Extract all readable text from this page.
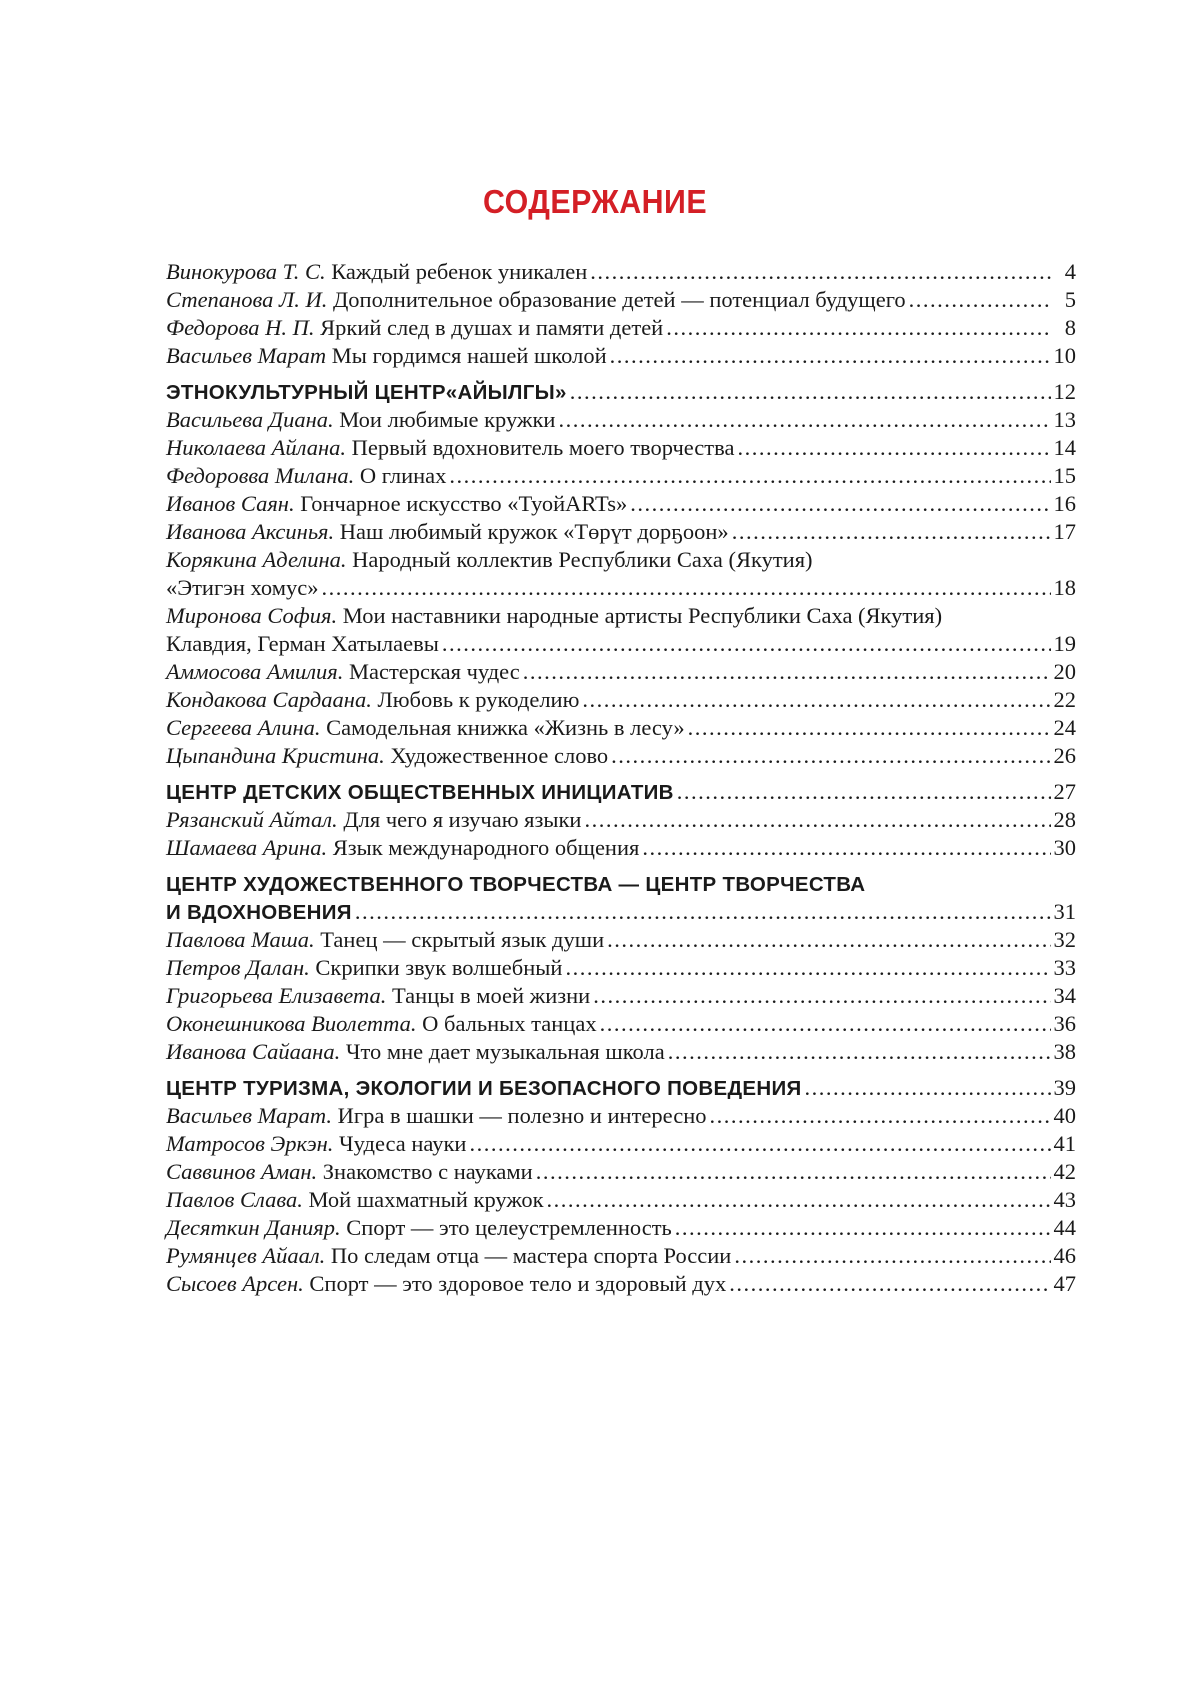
СОДЕРЖАНИЕ
Винокурова Т. С. Каждый ребенок уникален .....	4
Степанова Л. И. Дополнительное образование детей — потенциал будущего .....	5
Федорова Н. П. Яркий след в душах и памяти детей .....	8
Васильев Марат Мы гордимся нашей школой .....	10
ЭТНОКУЛЬТУРНЫЙ ЦЕНТР«АЙЫЛГЫ» .....	12
Васильева Диана. Мои любимые кружки .....	13
Николаева Айлана. Первый вдохновитель моего творчества .....	14
Федоровва Милана. О глинах .....	15
Иванов Саян. Гончарное искусство «ТуойARTs» .....	16
Иванова Аксинья. Наш любимый кружок «Төрүт дорҕоон» .....	17
Корякина Аделина. Народный коллектив Республики Саха (Якутия)
«Этигэн хомус» .....	18
Миронова София. Мои наставники народные артисты Республики Саха (Якутия)
Клавдия, Герман Хатылаевы .....	19
Аммосова Амилия. Мастерская чудес .....	20
Кондакова Сардаана. Любовь к рукоделию .....	22
Сергеева Алина. Самодельная книжка «Жизнь в лесу» .....	24
Цыпандина Кристина. Художественное слово .....	26
ЦЕНТР ДЕТСКИХ ОБЩЕСТВЕННЫХ ИНИЦИАТИВ .....	27
Рязанский Айтал. Для чего я изучаю языки .....	28
Шамаева Арина. Язык международного общения .....	30
ЦЕНТР ХУДОЖЕСТВЕННОГО ТВОРЧЕСТВА — ЦЕНТР ТВОРЧЕСТВА
И ВДОХНОВЕНИЯ .....	31
Павлова Маша. Танец — скрытый язык души .....	32
Петров Далан. Скрипки звук волшебный .....	33
Григорьева Елизавета. Танцы в моей жизни .....	34
Оконешникова Виолетта. О бальных танцах .....	36
Иванова Сайаана. Что мне дает музыкальная школа .....	38
ЦЕНТР ТУРИЗМА, ЭКОЛОГИИ И БЕЗОПАСНОГО ПОВЕДЕНИЯ .....	39
Васильев Марат. Игра в шашки — полезно и интересно .....	40
Матросов Эркэн. Чудеса науки .....	41
Саввинов Аман. Знакомство с науками .....	42
Павлов Слава. Мой шахматный кружок .....	43
Десяткин Данияр. Спорт — это целеустремленность .....	44
Румянцев Айаал. По следам отца — мастера спорта России .....	46
Сысоев Арсен. Спорт — это здоровое тело и здоровый дух .....	47
